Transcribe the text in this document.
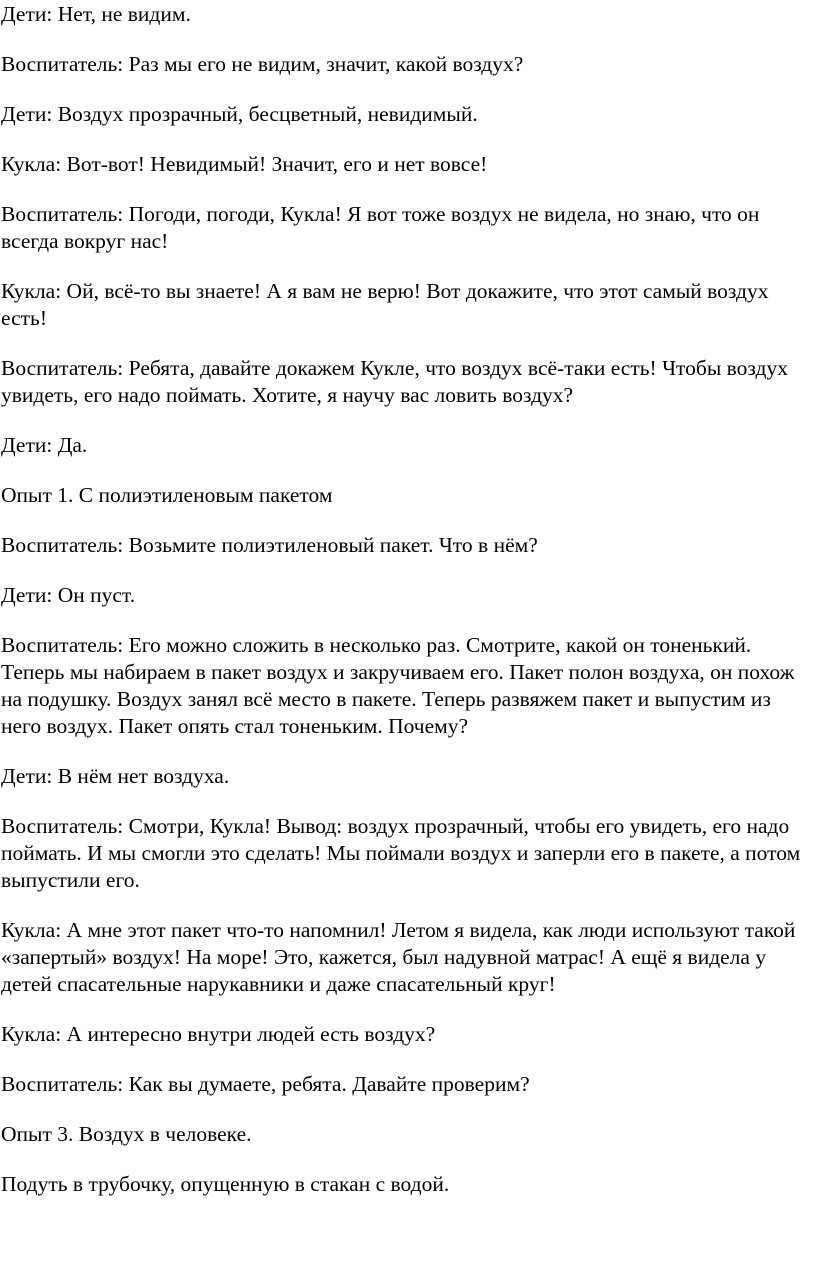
Дети: Нет, не видим.

Воспитатель: Раз мы его не видим, значит, какой воздух?

Дети: Воздух прозрачный, бесцветный, невидимый.

Кукла: Вот-вот! Невидимый! Значит, его и нет вовсе!

Воспитатель: Погоди, погоди, Кукла! Я вот тоже воздух не видела, но знаю, что он всегда вокруг нас!

Кукла: Ой, всё-то вы знаете! А я вам не верю! Вот докажите, что этот самый воздух есть!

Воспитатель: Ребята, давайте докажем Кукле, что воздух всё-таки есть! Чтобы воздух увидеть, его надо поймать. Хотите, я научу вас ловить воздух?

Дети: Да.

Опыт 1. С полиэтиленовым пакетом

Воспитатель: Возьмите полиэтиленовый пакет. Что в нём?

Дети: Он пуст.

Воспитатель: Его можно сложить в несколько раз. Смотрите, какой он тоненький. Теперь мы набираем в пакет воздух и закручиваем его. Пакет полон воздуха, он похож на подушку. Воздух занял всё место в пакете. Теперь развяжем пакет и выпустим из него воздух. Пакет опять стал тоненьким. Почему?

Дети: В нём нет воздуха.

Воспитатель: Смотри, Кукла! Вывод: воздух прозрачный, чтобы его увидеть, его надо поймать. И мы смогли это сделать! Мы поймали воздух и заперли его в пакете, а потом выпустили его.

Кукла: А мне этот пакет что-то напомнил! Летом я видела, как люди используют такой «запертый» воздух! На море! Это, кажется, был надувной матрас! А ещё я видела у детей спасательные нарукавники и даже спасательный круг!

Кукла: А интересно внутри людей есть воздух?

Воспитатель: Как вы думаете, ребята. Давайте проверим?

Опыт 3. Воздух в человеке.

Подуть в трубочку, опущенную в стакан с водой.
